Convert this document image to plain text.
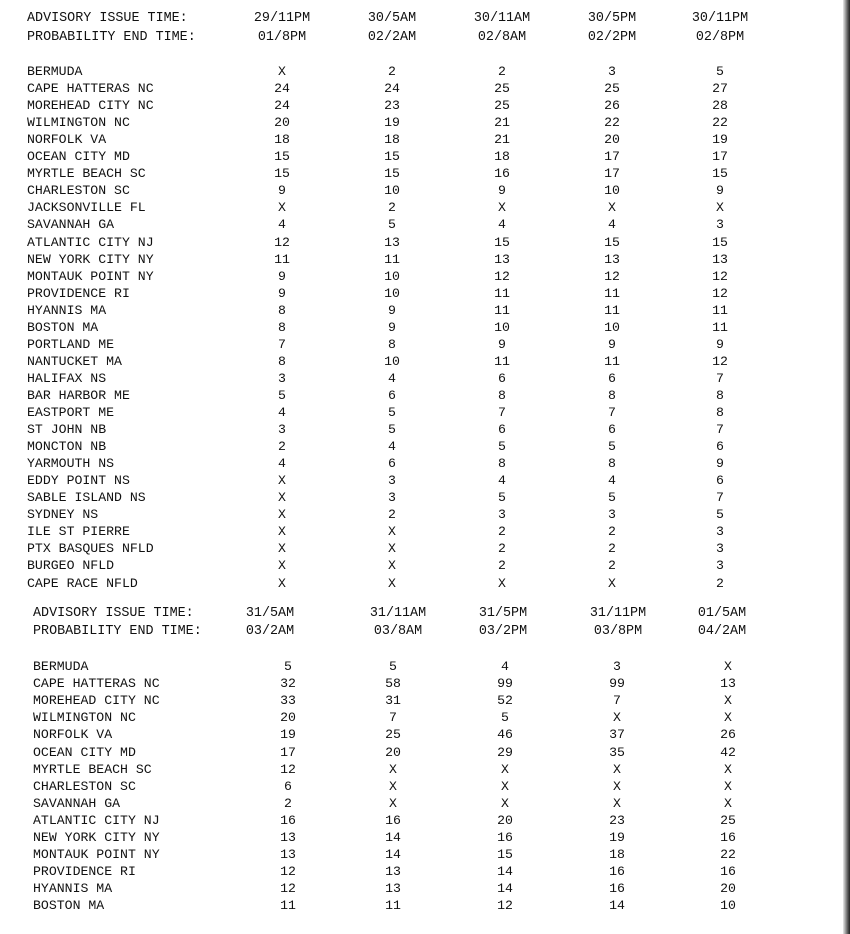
ADVISORY ISSUE TIME:	29/11PM	30/5AM	30/11AM	30/5PM	30/11PM
PROBABILITY END TIME:	01/8PM	02/2AM	02/8AM	02/2PM	02/8PM
BERMUDA	X	2	2	3	5
CAPE HATTERAS NC	24	24	25	25	27
MOREHEAD CITY NC	24	23	25	26	28
WILMINGTON NC	20	19	21	22	22
NORFOLK VA	18	18	21	20	19
OCEAN CITY MD	15	15	18	17	17
MYRTLE BEACH SC	15	15	16	17	15
CHARLESTON SC	9	10	9	10	9
JACKSONVILLE FL	X	2	X	X	X
SAVANNAH GA	4	5	4	4	3
ATLANTIC CITY NJ	12	13	15	15	15
NEW YORK CITY NY	11	11	13	13	13
MONTAUK POINT NY	9	10	12	12	12
PROVIDENCE RI	9	10	11	11	12
HYANNIS MA	8	9	11	11	11
BOSTON MA	8	9	10	10	11
PORTLAND ME	7	8	9	9	9
NANTUCKET MA	8	10	11	11	12
HALIFAX NS	3	4	6	6	7
BAR HARBOR ME	5	6	8	8	8
EASTPORT ME	4	5	7	7	8
ST JOHN NB	3	5	6	6	7
MONCTON NB	2	4	5	5	6
YARMOUTH NS	4	6	8	8	9
EDDY POINT NS	X	3	4	4	6
SABLE ISLAND NS	X	3	5	5	7
SYDNEY NS	X	2	3	3	5
ILE ST PIERRE	X	X	2	2	3
PTX BASQUES NFLD	X	X	2	2	3
BURGEO NFLD	X	X	2	2	3
CAPE RACE NFLD	X	X	X	X	2
ADVISORY ISSUE TIME:	31/5AM	31/11AM	31/5PM	31/11PM	01/5AM
PROBABILITY END TIME:	03/2AM	03/8AM	03/2PM	03/8PM	04/2AM
BERMUDA	5	5	4	3	X
CAPE HATTERAS NC	32	58	99	99	13
MOREHEAD CITY NC	33	31	52	7	X
WILMINGTON NC	20	7	5	X	X
NORFOLK VA	19	25	46	37	26
OCEAN CITY MD	17	20	29	35	42
MYRTLE BEACH SC	12	X	X	X	X
CHARLESTON SC	6	X	X	X	X
SAVANNAH GA	2	X	X	X	X
ATLANTIC CITY NJ	16	16	20	23	25
NEW YORK CITY NY	13	14	16	19	16
MONTAUK POINT NY	13	14	15	18	22
PROVIDENCE RI	12	13	14	16	16
HYANNIS MA	12	13	14	16	20
BOSTON MA	11	11	12	14	10
